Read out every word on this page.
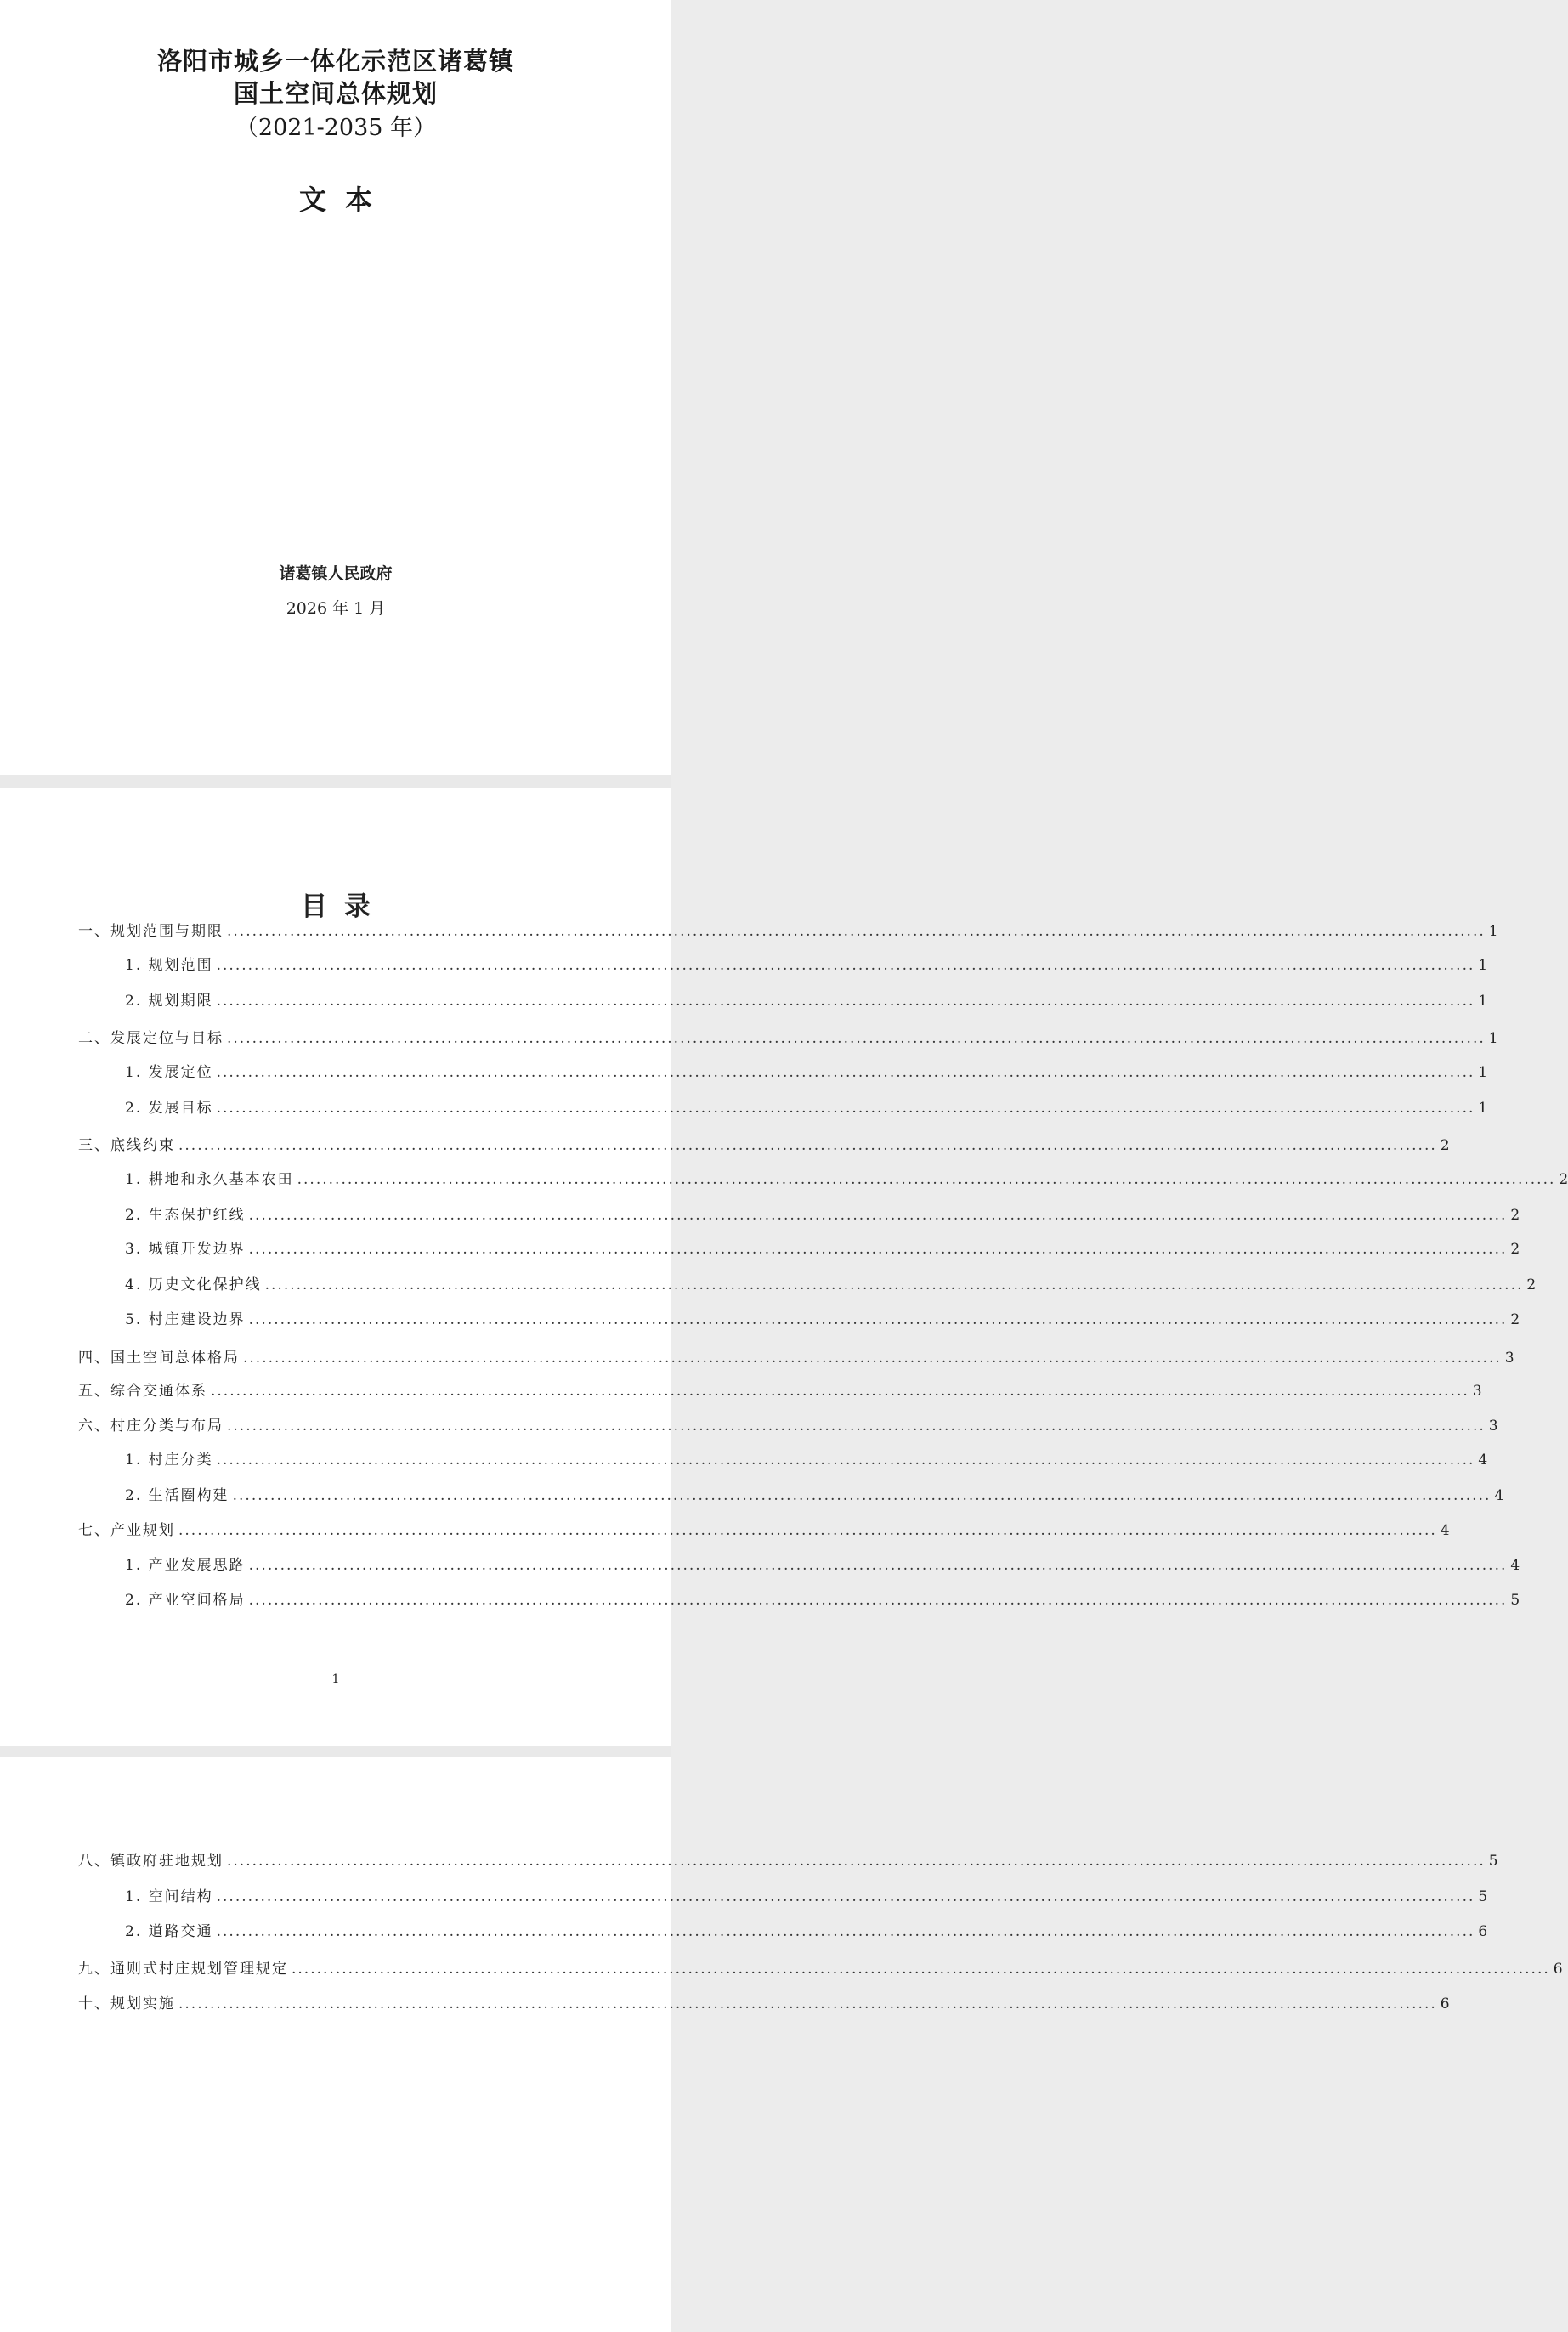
洛阳市城乡一体化示范区诸葛镇
国土空间总体规划
（2021-2035 年）
文本
诸葛镇人民政府
2026 年 1 月
目录
一、规划范围与期限 ........................................................................................................................................................................................................ 1
1. 规划范围 ........................................................................................................................................................................................................ 1
2. 规划期限 ........................................................................................................................................................................................................ 1
二、发展定位与目标 ........................................................................................................................................................................................................ 1
1. 发展定位 ........................................................................................................................................................................................................ 1
2. 发展目标 ........................................................................................................................................................................................................ 1
三、底线约束 ........................................................................................................................................................................................................ 2
1. 耕地和永久基本农田 ........................................................................................................................................................................................................ 2
2. 生态保护红线 ........................................................................................................................................................................................................ 2
3. 城镇开发边界 ........................................................................................................................................................................................................ 2
4. 历史文化保护线 ........................................................................................................................................................................................................ 2
5. 村庄建设边界 ........................................................................................................................................................................................................ 2
四、国土空间总体格局 ........................................................................................................................................................................................................ 3
五、综合交通体系 ........................................................................................................................................................................................................ 3
六、村庄分类与布局 ........................................................................................................................................................................................................ 3
1. 村庄分类 ........................................................................................................................................................................................................ 4
2. 生活圈构建 ........................................................................................................................................................................................................ 4
七、产业规划 ........................................................................................................................................................................................................ 4
1. 产业发展思路 ........................................................................................................................................................................................................ 4
2. 产业空间格局 ........................................................................................................................................................................................................ 5
八、镇政府驻地规划 ........................................................................................................................................................................................................ 5
1. 空间结构 ........................................................................................................................................................................................................ 5
2. 道路交通 ........................................................................................................................................................................................................ 6
九、通则式村庄规划管理规定 ........................................................................................................................................................................................................ 6
十、规划实施 ........................................................................................................................................................................................................ 6
1
